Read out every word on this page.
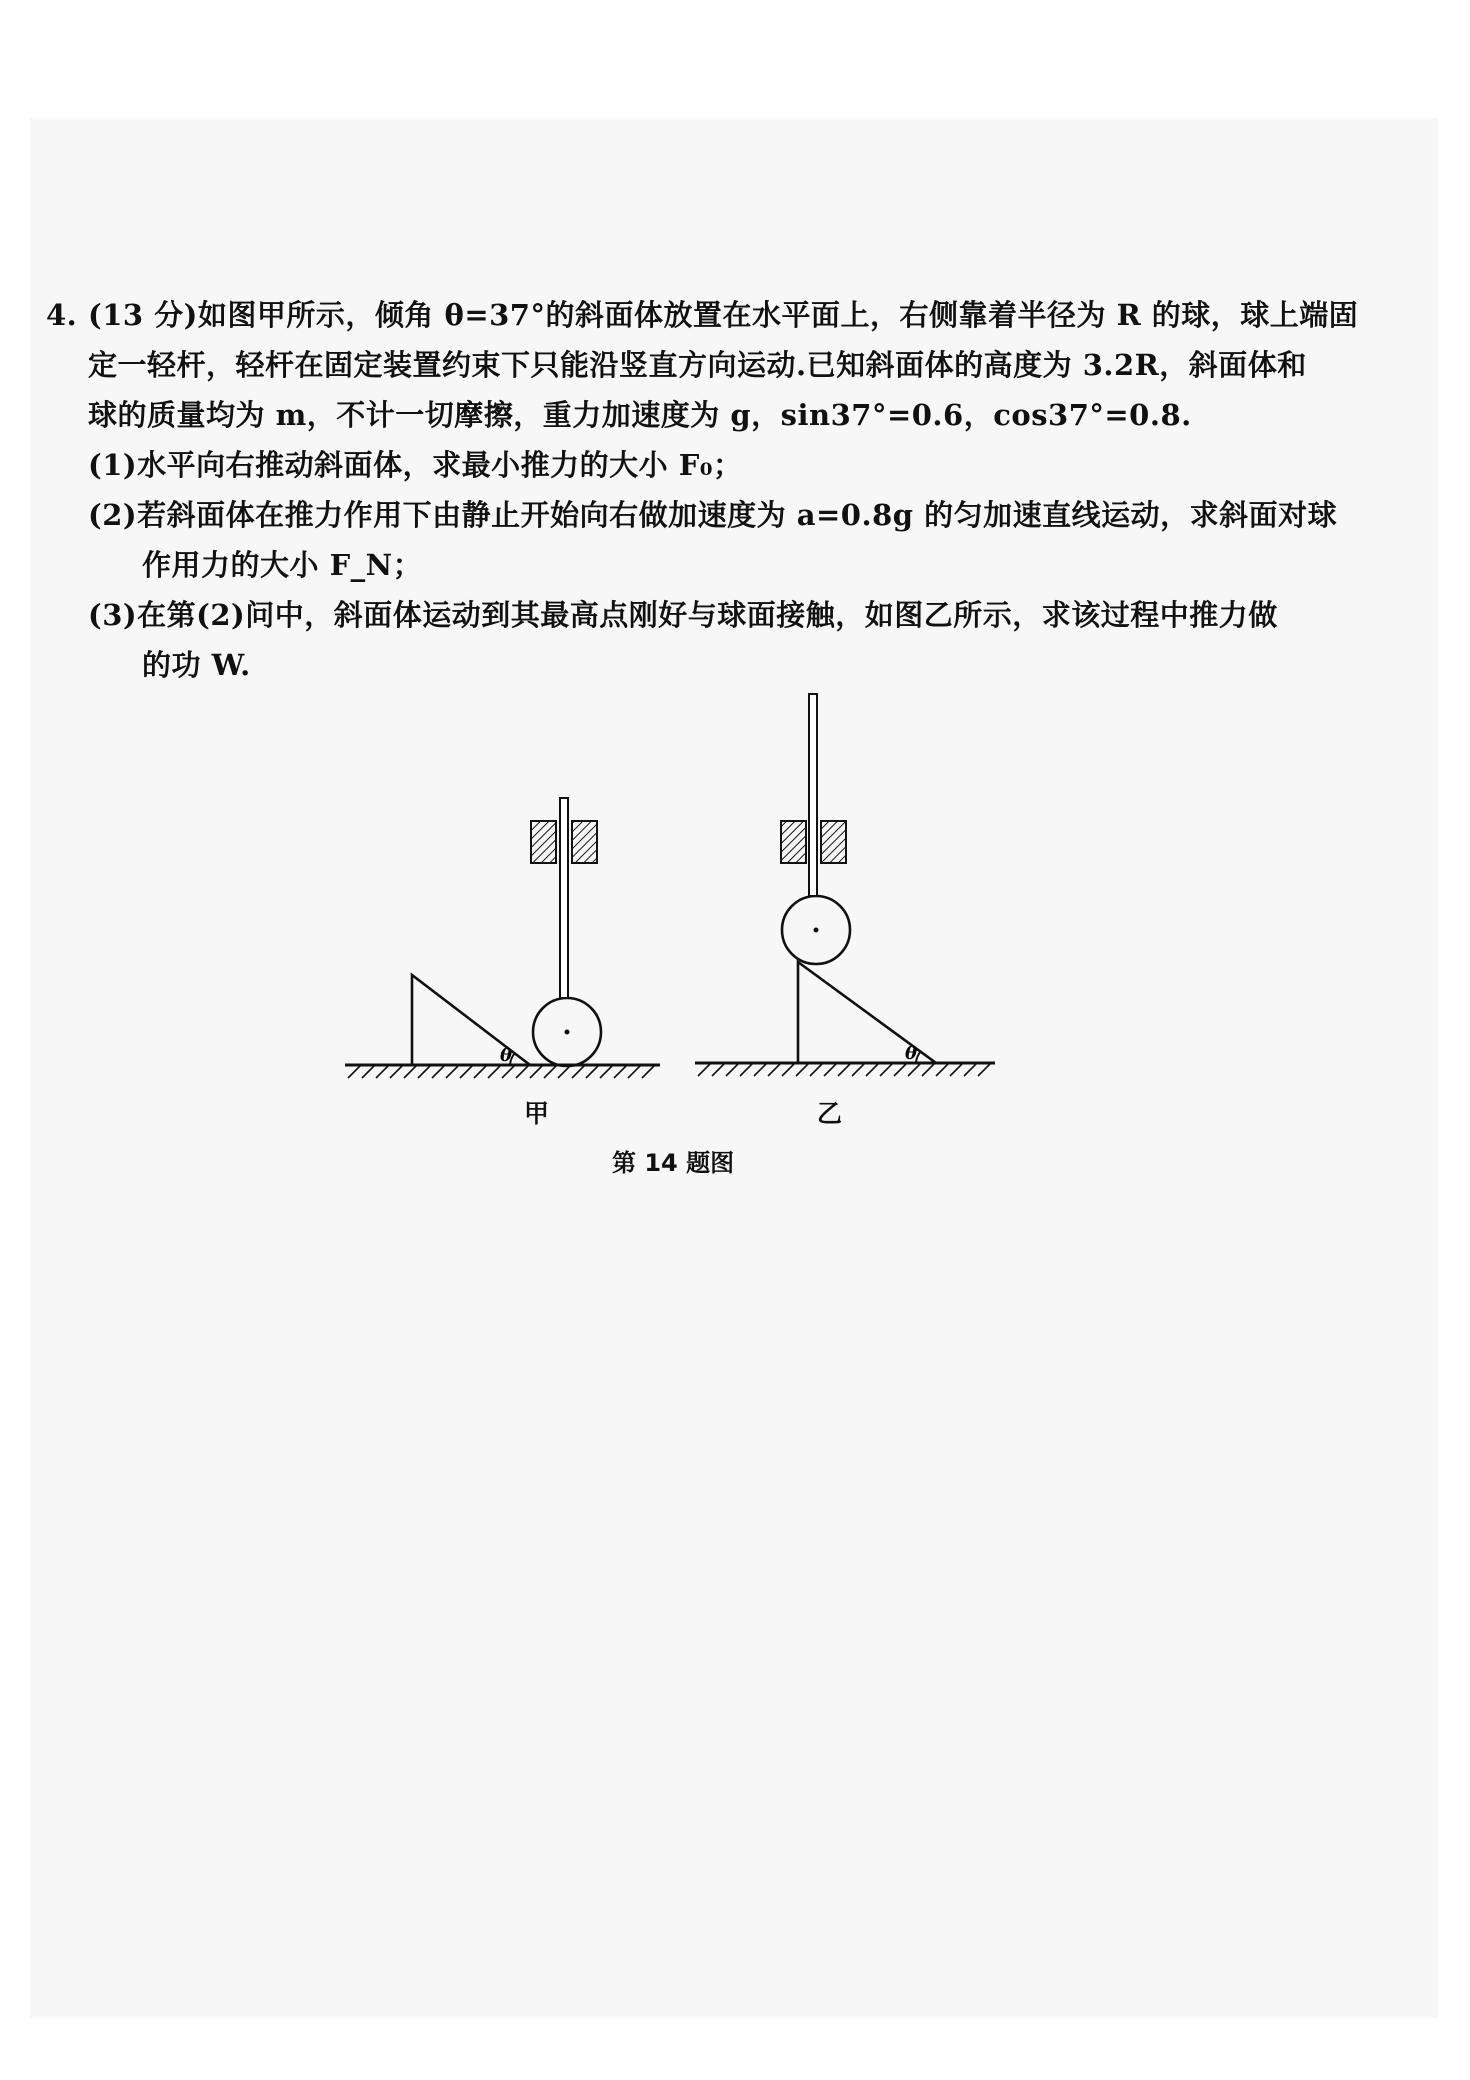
4. (13 分)如图甲所示，倾角 θ=37°的斜面体放置在水平面上，右侧靠着半径为 R 的球，球上端固
定一轻杆，轻杆在固定装置约束下只能沿竖直方向运动.已知斜面体的高度为 3.2R，斜面体和
球的质量均为 m，不计一切摩擦，重力加速度为 g，sin37°=0.6，cos37°=0.8.
(1)水平向右推动斜面体，求最小推力的大小 F₀；
(2)若斜面体在推力作用下由静止开始向右做加速度为 a=0.8g 的匀加速直线运动，求斜面对球
作用力的大小 F_N；
(3)在第(2)问中，斜面体运动到其最高点刚好与球面接触，如图乙所示，求该过程中推力做
的功 W.
θ	θ
甲	乙
第 14 题图
